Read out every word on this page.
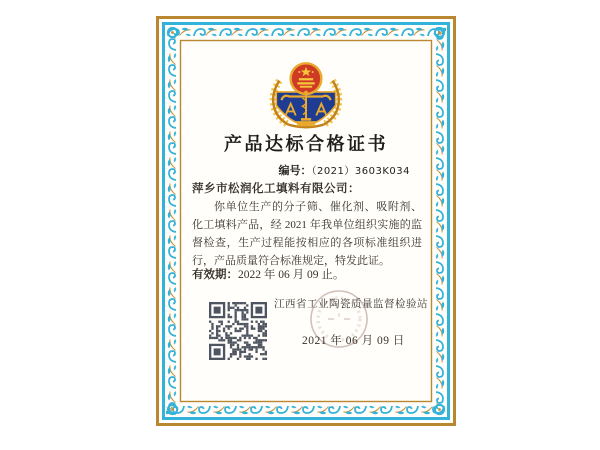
产品达标合格证书
编号：（2021）3603K034
萍乡市松润化工填料有限公司：

你单位生产的分子筛、催化剂、吸附剂、化工填料产品，经 2021 年我单位组织实施的监督检查，生产过程能按相应的各项标准组织进行，产品质量符合标准规定，特发此证。

有效期：2022 年 06 月 09 止。
江西省工业陶瓷质量监督检验站
2021 年 06 月 09 日
